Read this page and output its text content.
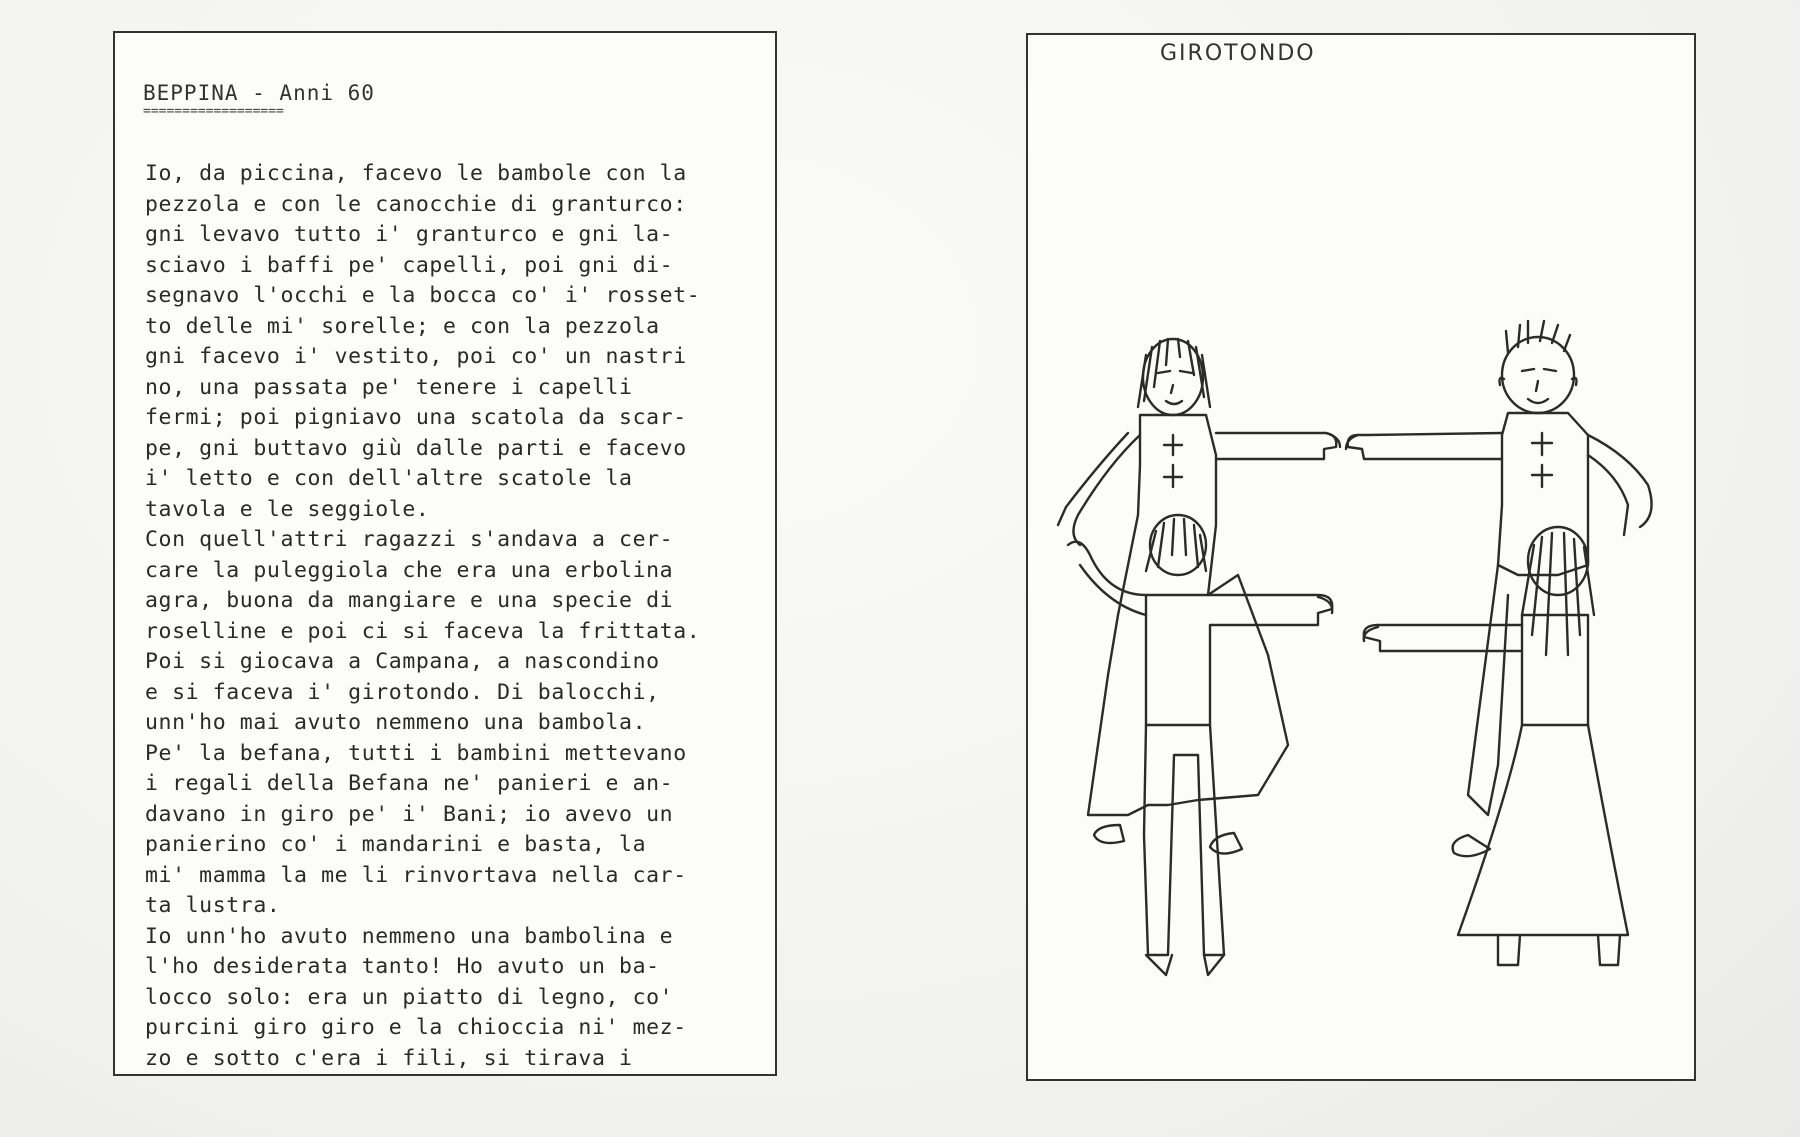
BEPPINA - Anni 60
==================
Io, da piccina, facevo le bambole con la
pezzola e con le canocchie di granturco:
gni levavo tutto i' granturco e gni la-
sciavo i baffi pe' capelli, poi gni di-
segnavo l'occhi e la bocca co' i' rosset-
to delle mi' sorelle; e con la pezzola
gni facevo i' vestito, poi co' un nastri
no, una passata pe' tenere i capelli
fermi; poi pigniavo una scatola da scar-
pe, gni buttavo giù dalle parti e facevo
i' letto e con dell'altre scatole la
tavola e le seggiole.
Con quell'attri ragazzi s'andava a cer-
care la puleggiola che era una erbolina
agra, buona da mangiare e una specie di
roselline e poi ci si faceva la frittata.
Poi si giocava a Campana, a nascondino
e si faceva i' girotondo. Di balocchi,
unn'ho mai avuto nemmeno una bambola.
Pe' la befana, tutti i bambini mettevano
i regali della Befana ne' panieri e an-
davano in giro pe' i' Bani; io avevo un
panierino co' i mandarini e basta, la
mi' mamma la me li rinvortava nella car-
ta lustra.
Io unn'ho avuto nemmeno una bambolina e
l'ho desiderata tanto! Ho avuto un ba-
locco solo: era un piatto di legno, co'
purcini giro giro e la chioccia ni' mez-
zo e sotto c'era i fili, si tirava i
GIROTONDO
